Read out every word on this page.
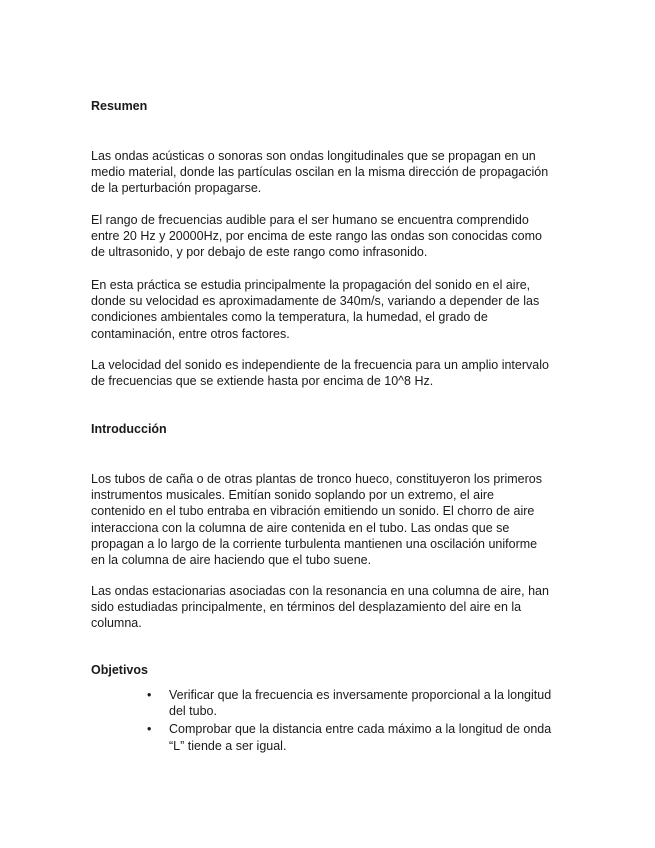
Resumen

Las ondas acústicas o sonoras son ondas longitudinales que se propagan en un
medio material, donde las partículas oscilan en la misma dirección de propagación
de la perturbación propagarse.

El rango de frecuencias audible para el ser humano se encuentra comprendido
entre 20 Hz y 20000Hz, por encima de este rango las ondas son conocidas como
de ultrasonido, y por debajo de este rango como infrasonido.

En esta práctica se estudia principalmente la propagación del sonido en el aire,
donde su velocidad es aproximadamente de 340m/s, variando a depender de las
condiciones ambientales como la temperatura, la humedad, el grado de
contaminación, entre otros factores.

La velocidad del sonido es independiente de la frecuencia para un amplio intervalo
de frecuencias que se extiende hasta por encima de 10^8 Hz.

Introducción

Los tubos de caña o de otras plantas de tronco hueco, constituyeron los primeros
instrumentos musicales. Emitían sonido soplando por un extremo, el aire
contenido en el tubo entraba en vibración emitiendo un sonido. El chorro de aire
interacciona con la columna de aire contenida en el tubo. Las ondas que se
propagan a lo largo de la corriente turbulenta mantienen una oscilación uniforme
en la columna de aire haciendo que el tubo suene.

Las ondas estacionarias asociadas con la resonancia en una columna de aire, han
sido estudiadas principalmente, en términos del desplazamiento del aire en la
columna.

Objetivos
• Verificar que la frecuencia es inversamente proporcional a la longitud
del tubo.
• Comprobar que la distancia entre cada máximo a la longitud de onda
“L” tiende a ser igual.
